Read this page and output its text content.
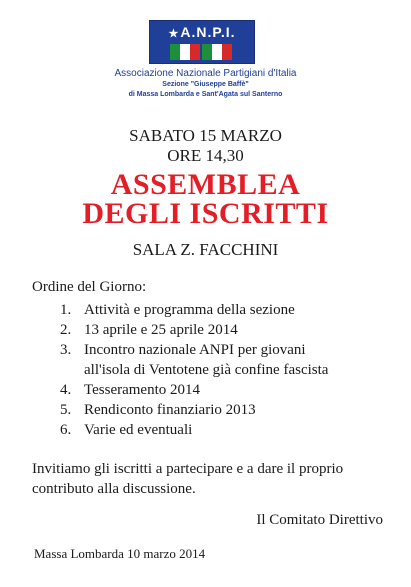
★A.N.P.I.
Associazione Nazionale Partigiani d'Italia
Sezione "Giuseppe Baffè"
di Massa Lombarda e Sant'Agata sul Santerno
SABATO 15 MARZO
ORE 14,30
ASSEMBLEA
DEGLI ISCRITTI
SALA Z. FACCHINI
Ordine del Giorno:
1. Attività e programma della sezione
2. 13 aprile e 25 aprile 2014
3. Incontro nazionale ANPI per giovani
all'isola di Ventotene già confine fascista
4. Tesseramento 2014
5. Rendiconto finanziario 2013
6. Varie ed eventuali
Invitiamo gli iscritti a partecipare e a dare il proprio contributo alla discussione.
Il Comitato Direttivo
Massa Lombarda 10 marzo 2014
